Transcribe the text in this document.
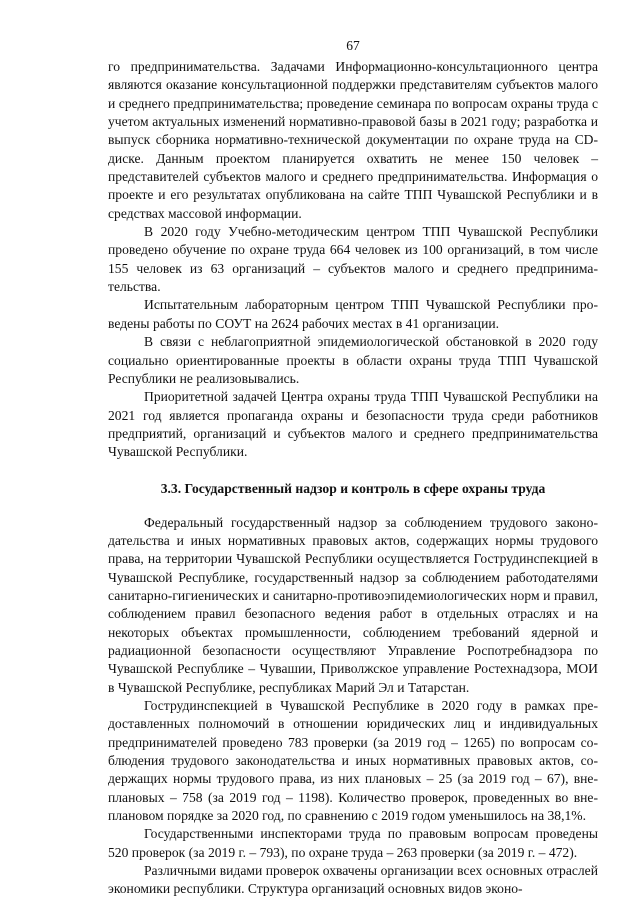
67

го предпринимательства. Задачами Информационно-консультационного центра являются оказание консультационной поддержки представителям субъектов малого и среднего предпринимательства; проведение семинара по вопросам охраны труда с учетом актуальных изменений нормативно-правовой базы в 2021 году; разработка и выпуск сборника нормативно-технической документации по охране труда на CD-диске. Данным проектом планируется охватить не менее 150 человек – представителей субъектов малого и среднего предпринимательства. Информация о проекте и его результатах опубликована на сайте ТПП Чувашской Республики и в средствах массовой информации.

В 2020 году Учебно-методическим центром ТПП Чувашской Республики проведено обучение по охране труда 664 человек из 100 организаций, в том числе 155 человек из 63 организаций – субъектов малого и среднего предпринимательства.

Испытательным лабораторным центром ТПП Чувашской Республики проведены работы по СОУТ на 2624 рабочих местах в 41 организации.

В связи с неблагоприятной эпидемиологической обстановкой в 2020 году социально ориентированные проекты в области охраны труда ТПП Чувашской Республики не реализовывались.

Приоритетной задачей Центра охраны труда ТПП Чувашской Республики на 2021 год является пропаганда охраны и безопасности труда среди работников предприятий, организаций и субъектов малого и среднего предпринимательства Чувашской Республики.

3.3. Государственный надзор и контроль в сфере охраны труда

Федеральный государственный надзор за соблюдением трудового законодательства и иных нормативных правовых актов, содержащих нормы трудового права, на территории Чувашской Республики осуществляется Гострудинспекцией в Чувашской Республике, государственный надзор за соблюдением работодателями санитарно-гигиенических и санитарно-противоэпидемиологических норм и правил, соблюдением правил безопасного ведения работ в отдельных отраслях и на некоторых объектах промышленности, соблюдением требований ядерной и радиационной безопасности осуществляют Управление Роспотребнадзора по Чувашской Республике – Чувашии, Приволжское управление Ростехнадзора, МОИ в Чувашской Республике, республиках Марий Эл и Татарстан.

Гострудинспекцией в Чувашской Республике в 2020 году в рамках предоставленных полномочий в отношении юридических лиц и индивидуальных предпринимателей проведено 783 проверки (за 2019 год – 1265) по вопросам соблюдения трудового законодательства и иных нормативных правовых актов, содержащих нормы трудового права, из них плановых – 25 (за 2019 год – 67), внеплановых – 758 (за 2019 год – 1198). Количество проверок, проведенных во внеплановом порядке за 2020 год, по сравнению с 2019 годом уменьшилось на 38,1%.

Государственными инспекторами труда по правовым вопросам проведены 520 проверок (за 2019 г. – 793), по охране труда – 263 проверки (за 2019 г. – 472).

Различными видами проверок охвачены организации всех основных отраслей экономики республики. Структура организаций основных видов эконо-
